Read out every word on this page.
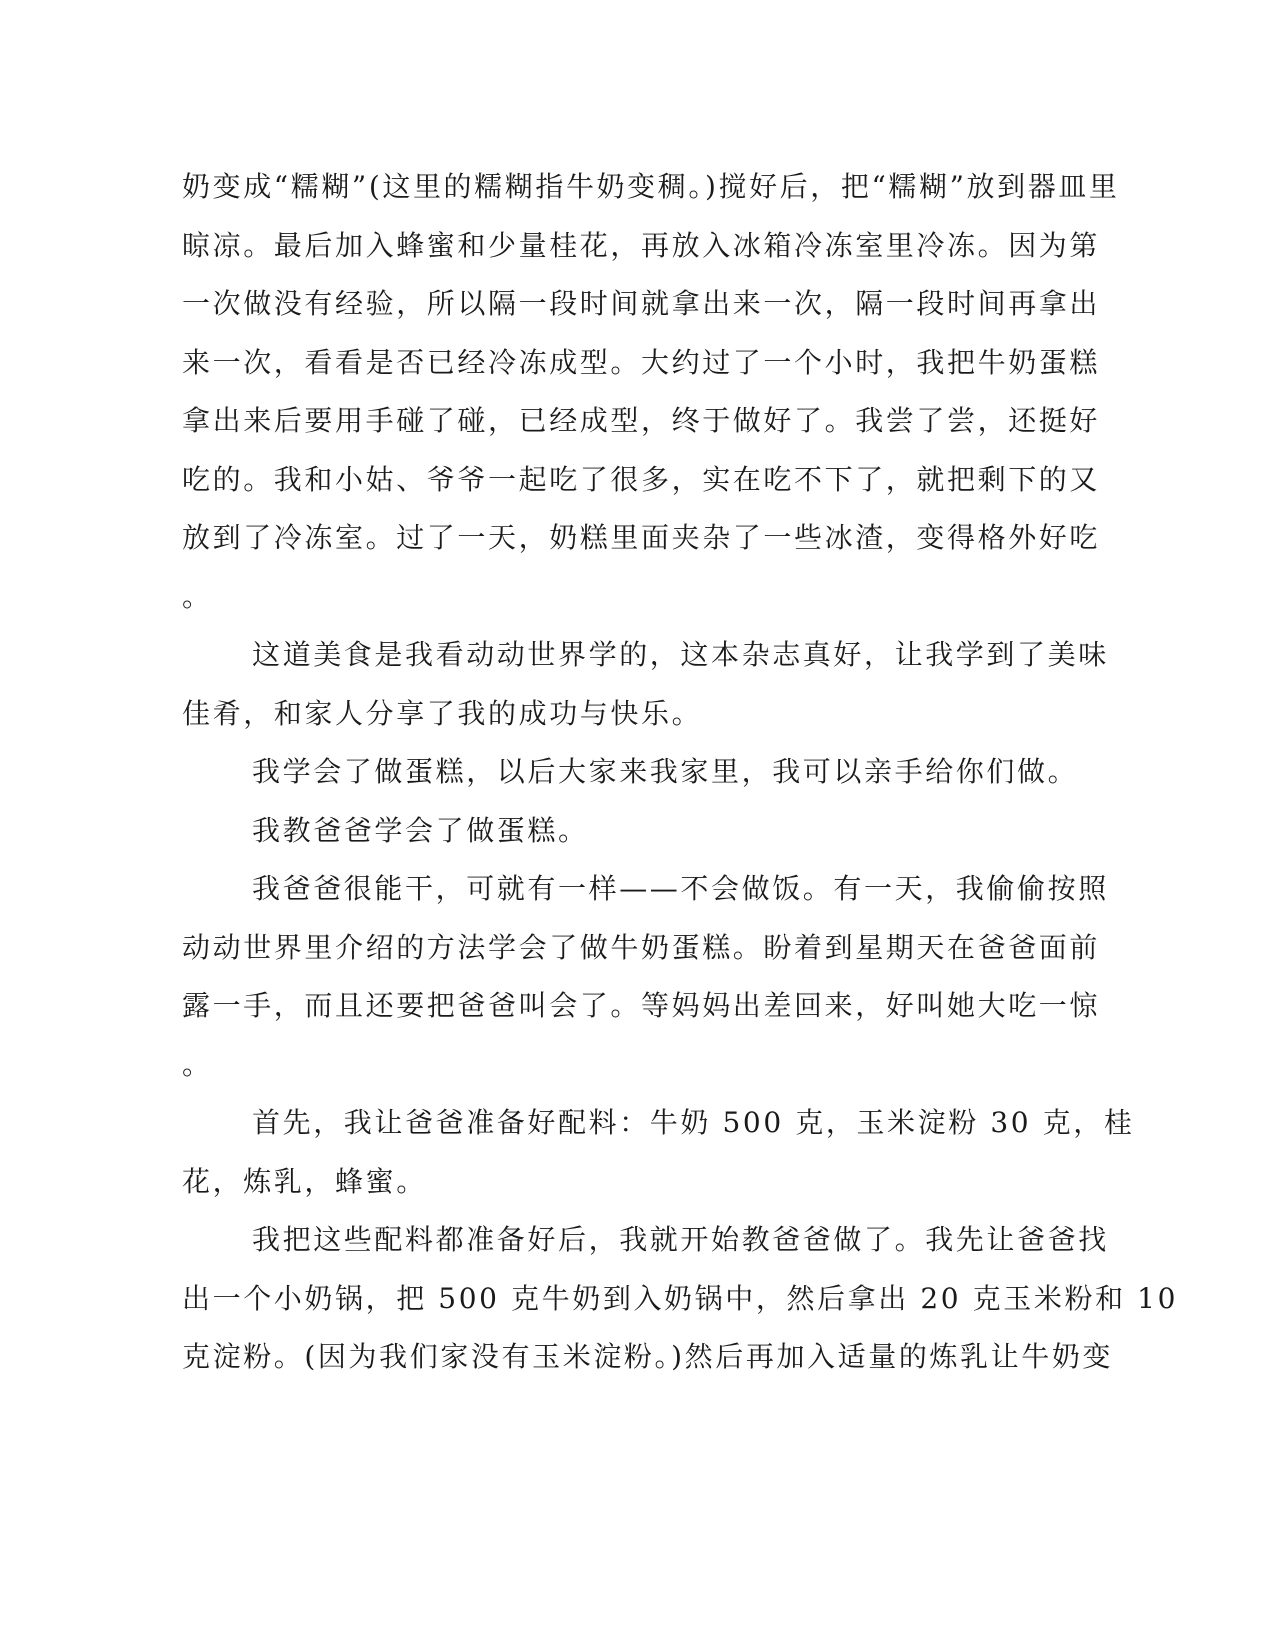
奶变成“糯糊”(这里的糯糊指牛奶变稠。)搅好后，把“糯糊”放到器皿里
晾凉。最后加入蜂蜜和少量桂花，再放入冰箱冷冻室里冷冻。因为第
一次做没有经验，所以隔一段时间就拿出来一次，隔一段时间再拿出
来一次，看看是否已经冷冻成型。大约过了一个小时，我把牛奶蛋糕
拿出来后要用手碰了碰，已经成型，终于做好了。我尝了尝，还挺好
吃的。我和小姑、爷爷一起吃了很多，实在吃不下了，就把剩下的又
放到了冷冻室。过了一天，奶糕里面夹杂了一些冰渣，变得格外好吃
。
这道美食是我看动动世界学的，这本杂志真好，让我学到了美味
佳肴，和家人分享了我的成功与快乐。
我学会了做蛋糕，以后大家来我家里，我可以亲手给你们做。
我教爸爸学会了做蛋糕。
我爸爸很能干，可就有一样——不会做饭。有一天，我偷偷按照
动动世界里介绍的方法学会了做牛奶蛋糕。盼着到星期天在爸爸面前
露一手，而且还要把爸爸叫会了。等妈妈出差回来，好叫她大吃一惊
。
首先，我让爸爸准备好配料：牛奶 500 克，玉米淀粉 30 克，桂
花，炼乳，蜂蜜。
我把这些配料都准备好后，我就开始教爸爸做了。我先让爸爸找
出一个小奶锅，把 500 克牛奶到入奶锅中，然后拿出 20 克玉米粉和 10
克淀粉。(因为我们家没有玉米淀粉。)然后再加入适量的炼乳让牛奶变
